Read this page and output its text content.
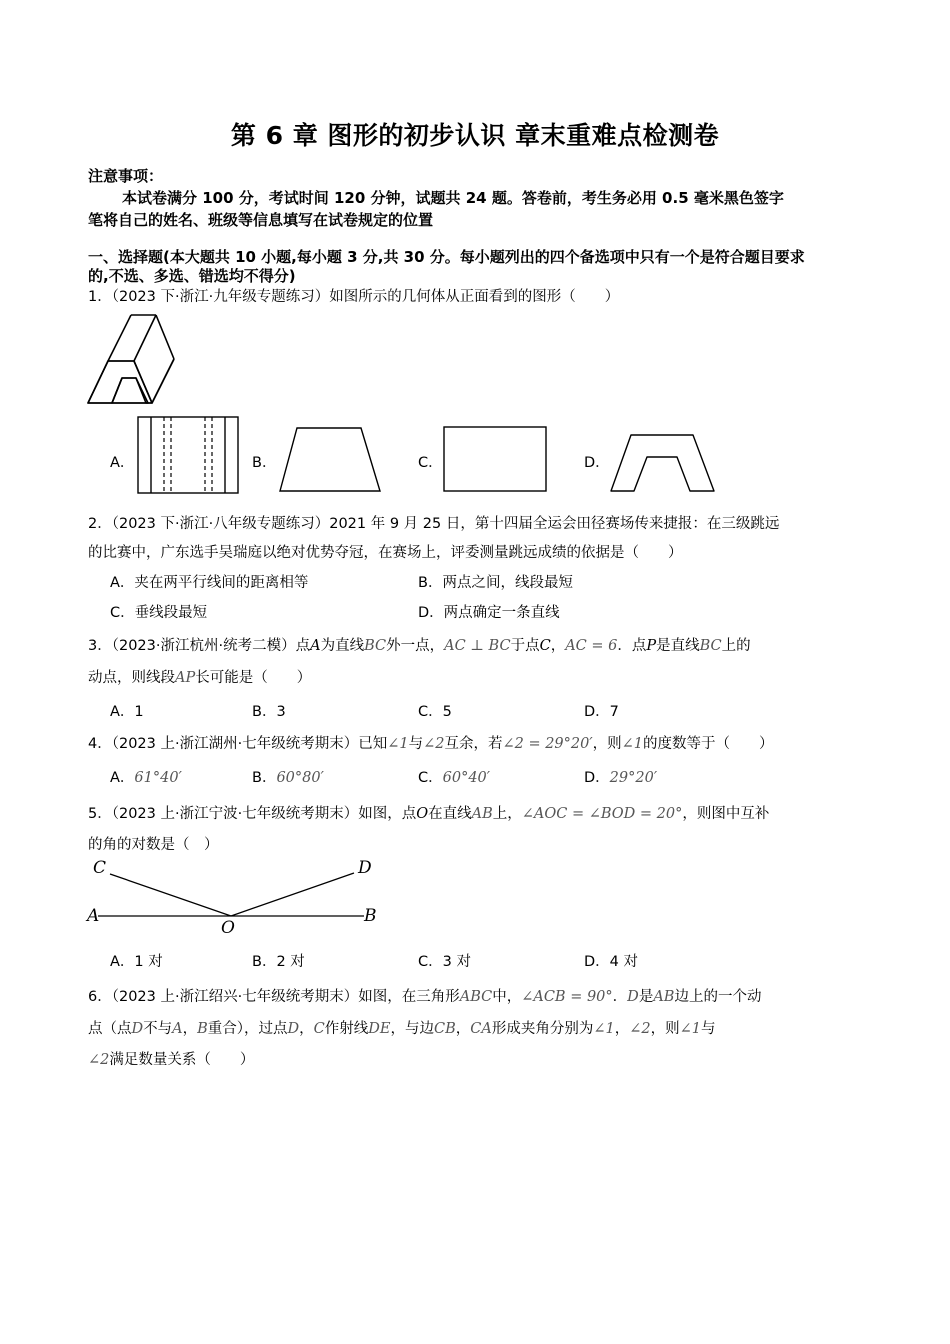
第 6 章 图形的初步认识 章末重难点检测卷
注意事项：
本试卷满分 100 分，考试时间 120 分钟，试题共 24 题。答卷前，考生务必用 0.5 毫米黑色签字
笔将自己的姓名、班级等信息填写在试卷规定的位置
一、选择题(本大题共 10 小题,每小题 3 分,共 30 分。每小题列出的四个备选项中只有一个是符合题目要求
的,不选、多选、错选均不得分)
1．（2023 下·浙江·九年级专题练习）如图所示的几何体从正面看到的图形（　　）
A．	B．	C．	D．
2．（2023 下·浙江·八年级专题练习）2021 年 9 月 25 日，第十四届全运会田径赛场传来捷报：在三级跳远
的比赛中，广东选手吴瑞庭以绝对优势夺冠，在赛场上，评委测量跳远成绩的依据是（　　）
A．夹在两平行线间的距离相等	B．两点之间，线段最短
C．垂线段最短	D．两点确定一条直线
3．（2023·浙江杭州·统考二模）点A为直线BC外一点，AC ⊥ BC于点C，AC = 6．点P是直线BC上的
动点，则线段AP长可能是（　　）
A．1	B．3	C．5	D．7
4．（2023 上·浙江湖州·七年级统考期末）已知∠1与∠2互余，若∠2 = 29°20′，则∠1的度数等于（　　）
A．61°40′	B．60°80′	C．60°40′	D．29°20′
5．（2023 上·浙江宁波·七年级统考期末）如图，点O在直线AB上，∠AOC = ∠BOD = 20°，则图中互补
的角的对数是（　）
C	D
A	B
O
A．1 对	B．2 对	C．3 对	D．4 对
6．（2023 上·浙江绍兴·七年级统考期末）如图，在三角形ABC中，∠ACB = 90°．D是AB边上的一个动
点（点D不与A，B重合），过点D，C作射线DE，与边CB，CA形成夹角分别为∠1，∠2，则∠1与
∠2满足数量关系（　　）
